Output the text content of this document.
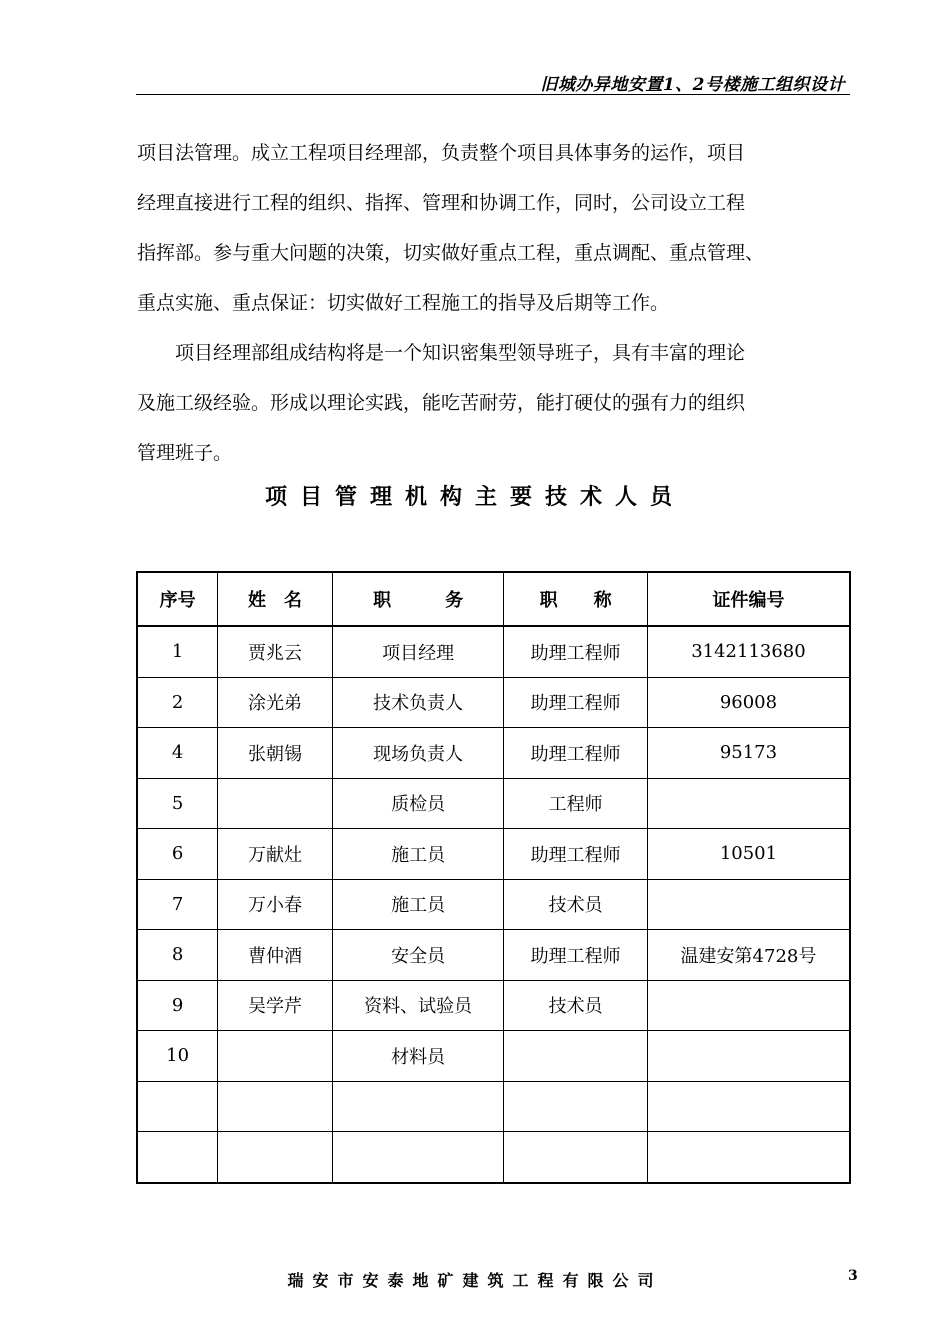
旧城办异地安置1、2号楼施工组织设计

项目法管理。成立工程项目经理部，负责整个项目具体事务的运作，项目
经理直接进行工程的组织、指挥、管理和协调工作，同时，公司设立工程
指挥部。参与重大问题的决策，切实做好重点工程，重点调配、重点管理、
重点实施、重点保证：切实做好工程施工的指导及后期等工作。

　　项目经理部组成结构将是一个知识密集型领导班子，具有丰富的理论
及施工级经验。形成以理论实践，能吃苦耐劳，能打硬仗的强有力的组织
管理班子。

项目管理机构主要技术人员
序号	姓　名	职　　　务	职　　称	证件编号
1	贾兆云	项目经理	助理工程师	3142113680
2	涂光弟	技术负责人	助理工程师	96008
4	张朝锡	现场负责人	助理工程师	95173
5		质检员	工程师	
6	万献灶	施工员	助理工程师	10501
7	万小春	施工员	技术员	
8	曹仲酒	安全员	助理工程师	温建安第4728号
9	吴学芹	资料、试验员	技术员	
10		材料员		

瑞安市安泰地矿建筑工程有限公司	3
